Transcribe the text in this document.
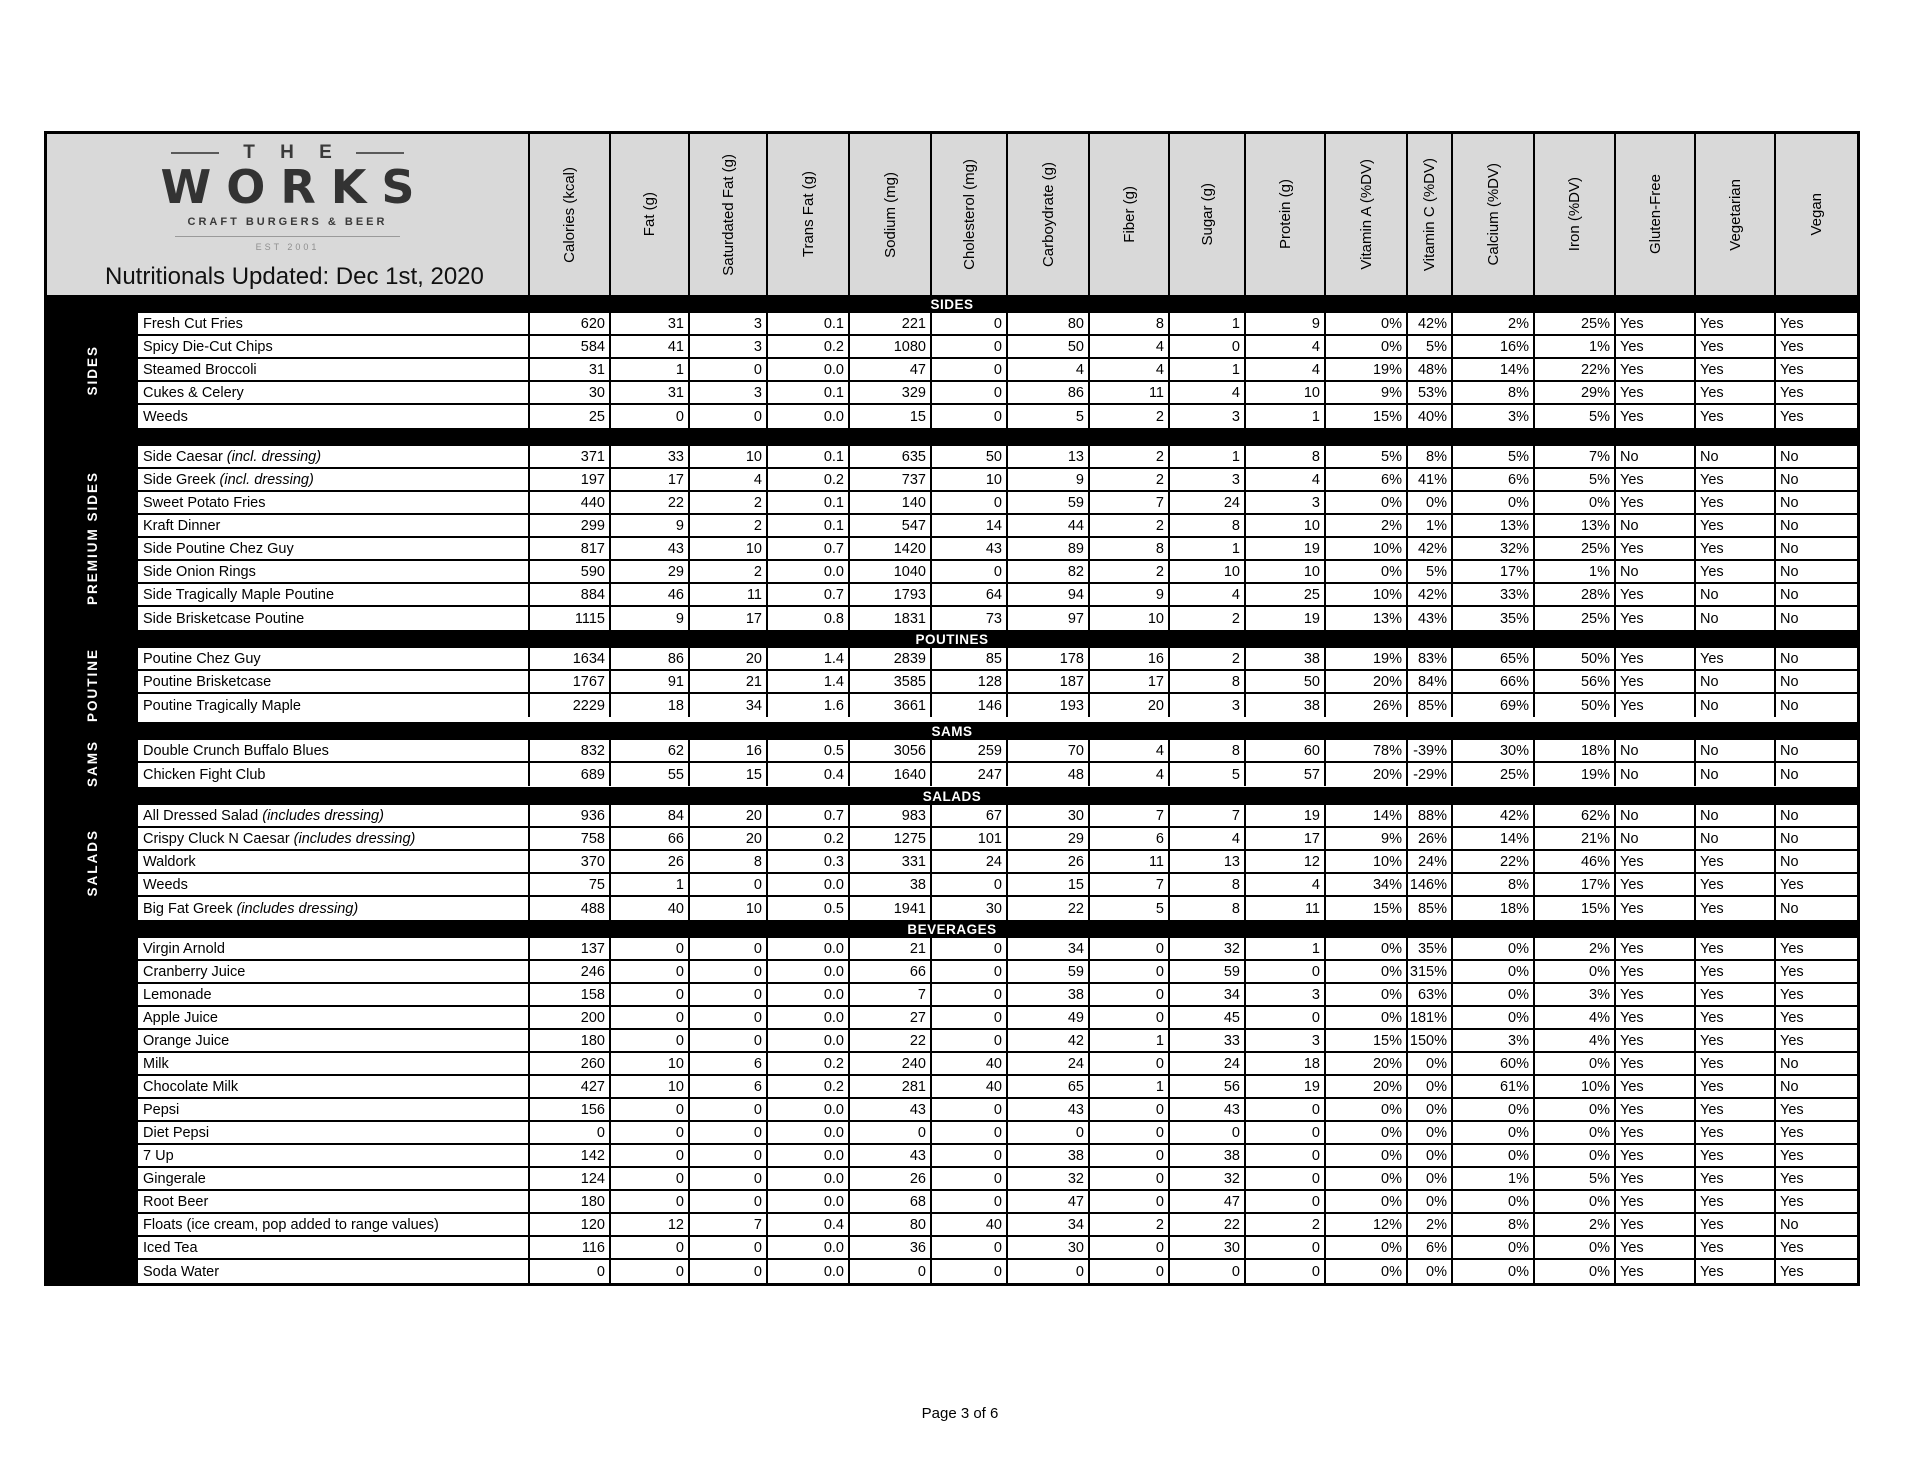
T H E
WORKS
CRAFT BURGERS & BEER
EST 2001
Nutritionals Updated: Dec 1st, 2020
Calories (kcal)	Fat (g)	Saturdated Fat (g)	Trans Fat (g)	Sodium (mg)	Cholesterol (mg)	Carboydrate (g)	Fiber (g)	Sugar (g)	Protein (g)	Vitamin A (%DV)	Vitamin C (%DV)	Calcium (%DV)	Iron (%DV)	Gluten-Free	Vegetarian	Vegan
SIDES
SIDES
Fresh Cut Fries	620	31	3	0.1	221	0	80	8	1	9	0%	42%	2%	25% Yes	Yes	Yes
Spicy Die-Cut Chips	584	41	3	0.2	1080	0	50	4	0	4	0%	5%	16%	1% Yes	Yes	Yes
Steamed Broccoli	31	1	0	0.0	47	0	4	4	1	4	19%	48%	14%	22% Yes	Yes	Yes
Cukes & Celery	30	31	3	0.1	329	0	86	11	4	10	9%	53%	8%	29% Yes	Yes	Yes
Weeds	25	0	0	0.0	15	0	5	2	3	1	15%	40%	3%	5% Yes	Yes	Yes
PREMIUM SIDES
Side Caesar (incl. dressing)	371	33	10	0.1	635	50	13	2	1	8	5%	8%	5%	7% No	No	No
Side Greek (incl. dressing)	197	17	4	0.2	737	10	9	2	3	4	6%	41%	6%	5% Yes	Yes	No
Sweet Potato Fries	440	22	2	0.1	140	0	59	7	24	3	0%	0%	0%	0% Yes	Yes	No
Kraft Dinner	299	9	2	0.1	547	14	44	2	8	10	2%	1%	13%	13% No	Yes	No
Side Poutine Chez Guy	817	43	10	0.7	1420	43	89	8	1	19	10%	42%	32%	25% Yes	Yes	No
Side Onion Rings	590	29	2	0.0	1040	0	82	2	10	10	0%	5%	17%	1% No	Yes	No
Side Tragically Maple Poutine	884	46	11	0.7	1793	64	94	9	4	25	10%	42%	33%	28% Yes	No	No
Side Brisketcase Poutine	1115	9	17	0.8	1831	73	97	10	2	19	13%	43%	35%	25% Yes	No	No
POUTINES
POUTINE	Poutine Chez Guy	1634	86	20	1.4	2839	85	178	16	2	38	19%	83%	65%	50% Yes	Yes	No
Poutine Brisketcase	1767	91	21	1.4	3585	128	187	17	8	50	20%	84%	66%	56% Yes	No	No
Poutine Tragically Maple	2229	18	34	1.6	3661	146	193	20	3	38	26%	85%	69%	50% Yes	No	No
SAMS
SAMS	Double Crunch Buffalo Blues	832	62	16	0.5	3056	259	70	4	8	60	78% -39%	30%	18% No	No	No
Chicken Fight Club	689	55	15	0.4	1640	247	48	4	5	57	20% -29%	25%	19% No	No	No
SALADS
SALADS
All Dressed Salad (includes dressing)	936	84	20	0.7	983	67	30	7	7	19	14%	88%	42%	62% No	No	No
Crispy Cluck N Caesar (includes dressing)	758	66	20	0.2	1275	101	29	6	4	17	9%	26%	14%	21% No	No	No
Waldork	370	26	8	0.3	331	24	26	11	13	12	10%	24%	22%	46% Yes	Yes	No
Weeds	75	1	0	0.0	38	0	15	7	8	4	34% 146%	8%	17% Yes	Yes	Yes
Big Fat Greek (includes dressing)	488	40	10	0.5	1941	30	22	5	8	11	15%	85%	18%	15% Yes	Yes	No
BEVERAGES
Virgin Arnold	137	0	0	0.0	21	0	34	0	32	1	0%	35%	0%	2% Yes	Yes	Yes
Cranberry Juice	246	0	0	0.0	66	0	59	0	59	0	0% 315%	0%	0% Yes	Yes	Yes
Lemonade	158	0	0	0.0	7	0	38	0	34	3	0%	63%	0%	3% Yes	Yes	Yes
Apple Juice	200	0	0	0.0	27	0	49	0	45	0	0% 181%	0%	4% Yes	Yes	Yes
Orange Juice	180	0	0	0.0	22	0	42	1	33	3	15% 150%	3%	4% Yes	Yes	Yes
Milk	260	10	6	0.2	240	40	24	0	24	18	20%	0%	60%	0% Yes	Yes	No
Chocolate Milk	427	10	6	0.2	281	40	65	1	56	19	20%	0%	61%	10% Yes	Yes	No
Pepsi	156	0	0	0.0	43	0	43	0	43	0	0%	0%	0%	0% Yes	Yes	Yes
Diet Pepsi	0	0	0	0.0	0	0	0	0	0	0	0%	0%	0%	0% Yes	Yes	Yes
7 Up	142	0	0	0.0	43	0	38	0	38	0	0%	0%	0%	0% Yes	Yes	Yes
Gingerale	124	0	0	0.0	26	0	32	0	32	0	0%	0%	1%	5% Yes	Yes	Yes
Root Beer	180	0	0	0.0	68	0	47	0	47	0	0%	0%	0%	0% Yes	Yes	Yes
Floats (ice cream, pop added to range values)	120	12	7	0.4	80	40	34	2	22	2	12%	2%	8%	2% Yes	Yes	No
Iced Tea	116	0	0	0.0	36	0	30	0	30	0	0%	6%	0%	0% Yes	Yes	Yes
Soda Water	0	0	0	0.0	0	0	0	0	0	0	0%	0%	0%	0% Yes	Yes	Yes
Page 3 of 6
